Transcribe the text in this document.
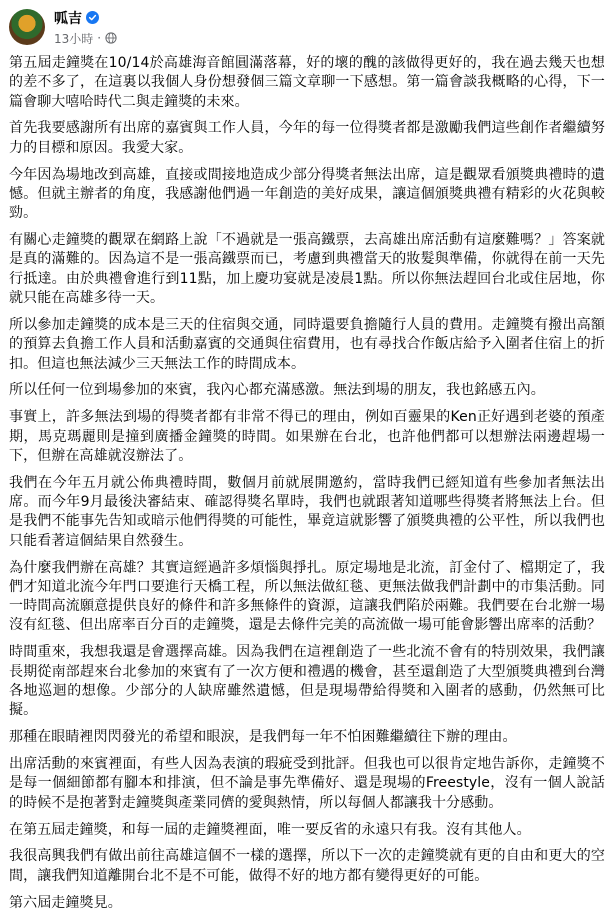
呱吉
13小時 ·

第五屆走鐘獎在10/14於高雄海音館圓滿落幕，好的壞的醜的該做得更好的，我在過去幾天也想的差不多了，在這裏以我個人身份想發個三篇文章聊一下感想。第一篇會談我概略的心得，下一篇會聊大嘻哈時代二與走鐘獎的未來。

首先我要感謝所有出席的嘉賓與工作人員，今年的每一位得獎者都是激勵我們這些創作者繼續努力的目標和原因。我愛大家。

今年因為場地改到高雄，直接或間接地造成少部分得獎者無法出席，這是觀眾看頒獎典禮時的遺憾。但就主辦者的角度，我感謝他們過一年創造的美好成果，讓這個頒獎典禮有精彩的火花與較勁。

有關心走鐘獎的觀眾在網路上說「不過就是一張高鐵票，去高雄出席活動有這麼難嗎？」答案就是真的滿難的。因為這不是一張高鐵票而已，考慮到典禮當天的妝髮與準備，你就得在前一天先行抵達。由於典禮會進行到11點，加上慶功宴就是凌晨1點。所以你無法趕回台北或住居地，你就只能在高雄多待一天。

所以參加走鐘獎的成本是三天的住宿與交通，同時還要負擔隨行人員的費用。走鐘獎有撥出高額的預算去負擔工作人員和活動嘉賓的交通與住宿費用，也有尋找合作飯店給予入圍者住宿上的折扣。但這也無法減少三天無法工作的時間成本。

所以任何一位到場參加的來賓，我內心都充滿感激。無法到場的朋友，我也銘感五內。

事實上，許多無法到場的得獎者都有非常不得已的理由，例如百靈果的Ken正好遇到老婆的預產期，馬克瑪麗則是撞到廣播金鐘獎的時間。如果辦在台北，也許他們都可以想辦法兩邊趕場一下，但辦在高雄就沒辦法了。

我們在今年五月就公佈典禮時間，數個月前就展開邀約，當時我們已經知道有些參加者無法出席。而今年9月最後決審結束、確認得獎名單時，我們也就跟著知道哪些得獎者將無法上台。但是我們不能事先告知或暗示他們得獎的可能性，畢竟這就影響了頒獎典禮的公平性，所以我們也只能看著這個結果自然發生。

為什麼我們辦在高雄？其實這經過許多煩惱與掙扎。原定場地是北流，訂金付了、檔期定了，我們才知道北流今年門口要進行天橋工程，所以無法做紅毯、更無法做我們計劃中的市集活動。同一時間高流願意提供良好的條件和許多無條件的資源，這讓我們陷於兩難。我們要在台北辦一場沒有紅毯、但出席率百分百的走鐘獎，還是去條件完美的高流做一場可能會影響出席率的活動？

時間重來，我想我還是會選擇高雄。因為我們在這裡創造了一些北流不會有的特別效果，我們讓長期從南部趕來台北參加的來賓有了一次方便和禮遇的機會，甚至還創造了大型頒獎典禮到台灣各地巡迴的想像。少部分的人缺席雖然遺憾，但是現場帶給得獎和入圍者的感動，仍然無可比擬。

那種在眼睛裡閃閃發光的希望和眼淚，是我們每一年不怕困難繼續往下辦的理由。

出席活動的來賓裡面，有些人因為表演的瑕疵受到批評。但我也可以很肯定地告訴你，走鐘獎不是每一個細節都有腳本和排演，但不論是事先準備好、還是現場的Freestyle，沒有一個人說話的時候不是抱著對走鐘獎與產業同儕的愛與熱情，所以每個人都讓我十分感動。

在第五屆走鐘獎，和每一屆的走鐘獎裡面，唯一要反省的永遠只有我。沒有其他人。

我很高興我們有做出前往高雄這個不一樣的選擇，所以下一次的走鐘獎就有更的自由和更大的空間，讓我們知道離開台北不是不可能，做得不好的地方都有變得更好的可能。

第六屆走鐘獎見。
